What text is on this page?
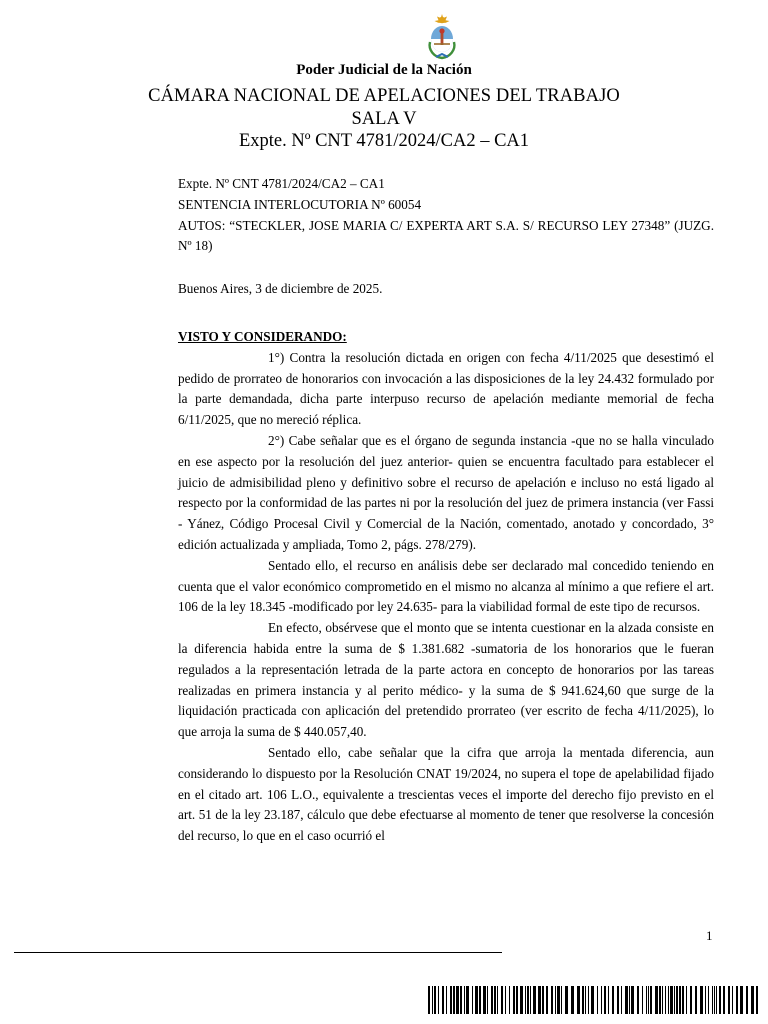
Poder Judicial de la Nación
CÁMARA NACIONAL DE APELACIONES DEL TRABAJO
SALA V
Expte. Nº CNT 4781/2024/CA2 – CA1
Expte. Nº CNT 4781/2024/CA2 – CA1
SENTENCIA INTERLOCUTORIA Nº 60054
AUTOS: “STECKLER, JOSE MARIA C/ EXPERTA ART S.A. S/ RECURSO LEY 27348” (JUZG. Nº 18)
Buenos Aires, 3 de diciembre de 2025.
VISTO Y CONSIDERANDO:

1°) Contra la resolución dictada en origen con fecha 4/11/2025 que desestimó el pedido de prorrateo de honorarios con invocación a las disposiciones de la ley 24.432 formulado por la parte demandada, dicha parte interpuso recurso de apelación mediante memorial de fecha 6/11/2025, que no mereció réplica.

2°) Cabe señalar que es el órgano de segunda instancia -que no se halla vinculado en ese aspecto por la resolución del juez anterior- quien se encuentra facultado para establecer el juicio de admisibilidad pleno y definitivo sobre el recurso de apelación e incluso no está ligado al respecto por la conformidad de las partes ni por la resolución del juez de primera instancia (ver Fassi - Yánez, Código Procesal Civil y Comercial de la Nación, comentado, anotado y concordado, 3° edición actualizada y ampliada, Tomo 2, págs. 278/279).

Sentado ello, el recurso en análisis debe ser declarado mal concedido teniendo en cuenta que el valor económico comprometido en el mismo no alcanza al mínimo a que refiere el art. 106 de la ley 18.345 -modificado por ley 24.635- para la viabilidad formal de este tipo de recursos.

En efecto, obsérvese que el monto que se intenta cuestionar en la alzada consiste en la diferencia habida entre la suma de $ 1.381.682 -sumatoria de los honorarios que le fueran regulados a la representación letrada de la parte actora en concepto de honorarios por las tareas realizadas en primera instancia y al perito médico- y la suma de $ 941.624,60 que surge de la liquidación practicada con aplicación del pretendido prorrateo (ver escrito de fecha 4/11/2025), lo que arroja la suma de $ 440.057,40.

Sentado ello, cabe señalar que la cifra que arroja la mentada diferencia, aun considerando lo dispuesto por la Resolución CNAT 19/2024, no supera el tope de apelabilidad fijado en el citado art. 106 L.O., equivalente a trescientas veces el importe del derecho fijo previsto en el art. 51 de la ley 23.187, cálculo que debe efectuarse al momento de tener que resolverse la concesión del recurso, lo que en el caso ocurrió el

1
